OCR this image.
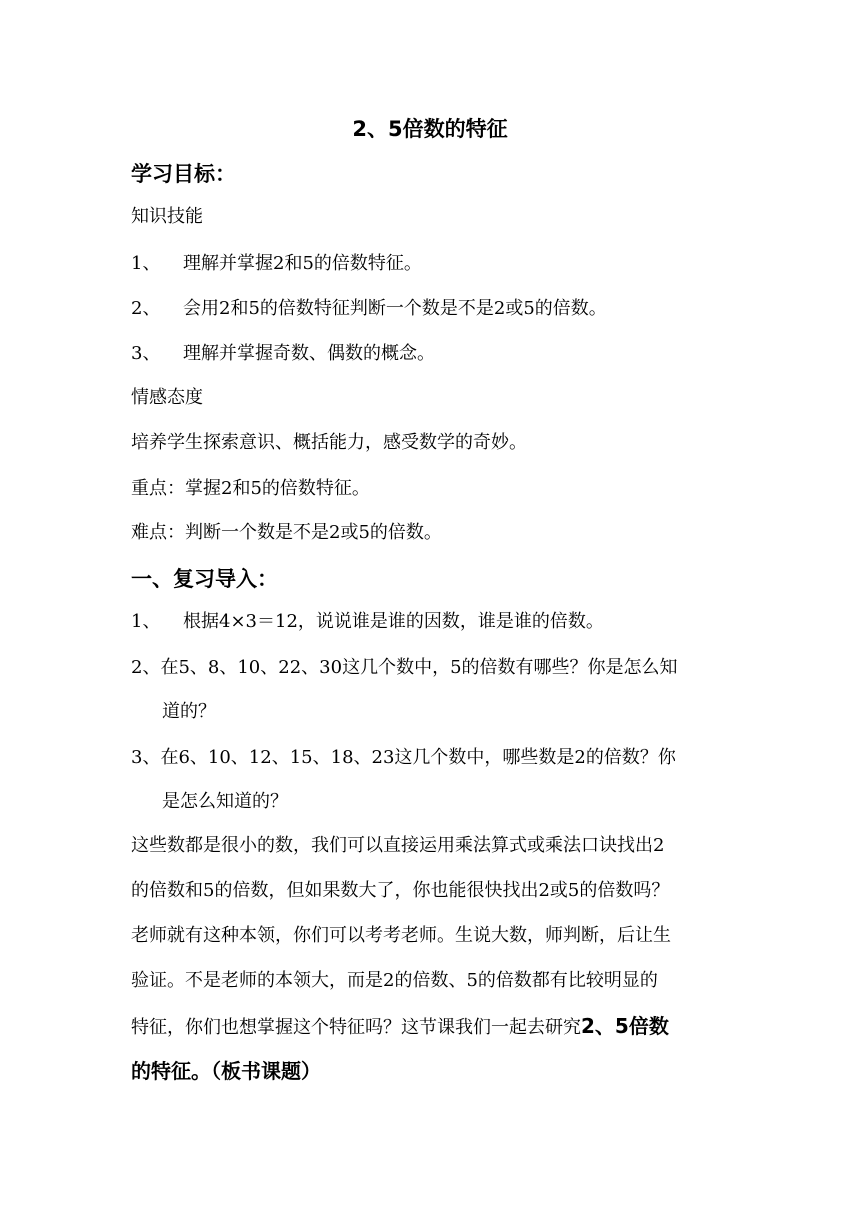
2、5倍数的特征
学习目标：
知识技能
1、 理解并掌握2和5的倍数特征。
2、 会用2和5的倍数特征判断一个数是不是2或5的倍数。
3、 理解并掌握奇数、偶数的概念。
情感态度
培养学生探索意识、概括能力，感受数学的奇妙。
重点：掌握2和5的倍数特征。
难点：判断一个数是不是2或5的倍数。
一、复习导入：
1、 根据4×3＝12，说说谁是谁的因数，谁是谁的倍数。
2、在5、8、10、22、30这几个数中，5的倍数有哪些？你是怎么知
道的？
3、在6、10、12、15、18、23这几个数中，哪些数是2的倍数？你
是怎么知道的？
这些数都是很小的数，我们可以直接运用乘法算式或乘法口诀找出2
的倍数和5的倍数，但如果数大了，你也能很快找出2或5的倍数吗？
老师就有这种本领，你们可以考考老师。生说大数，师判断，后让生
验证。不是老师的本领大，而是2的倍数、5的倍数都有比较明显的
特征，你们也想掌握这个特征吗？这节课我们一起去研究2、5倍数
的特征。（板书课题）
